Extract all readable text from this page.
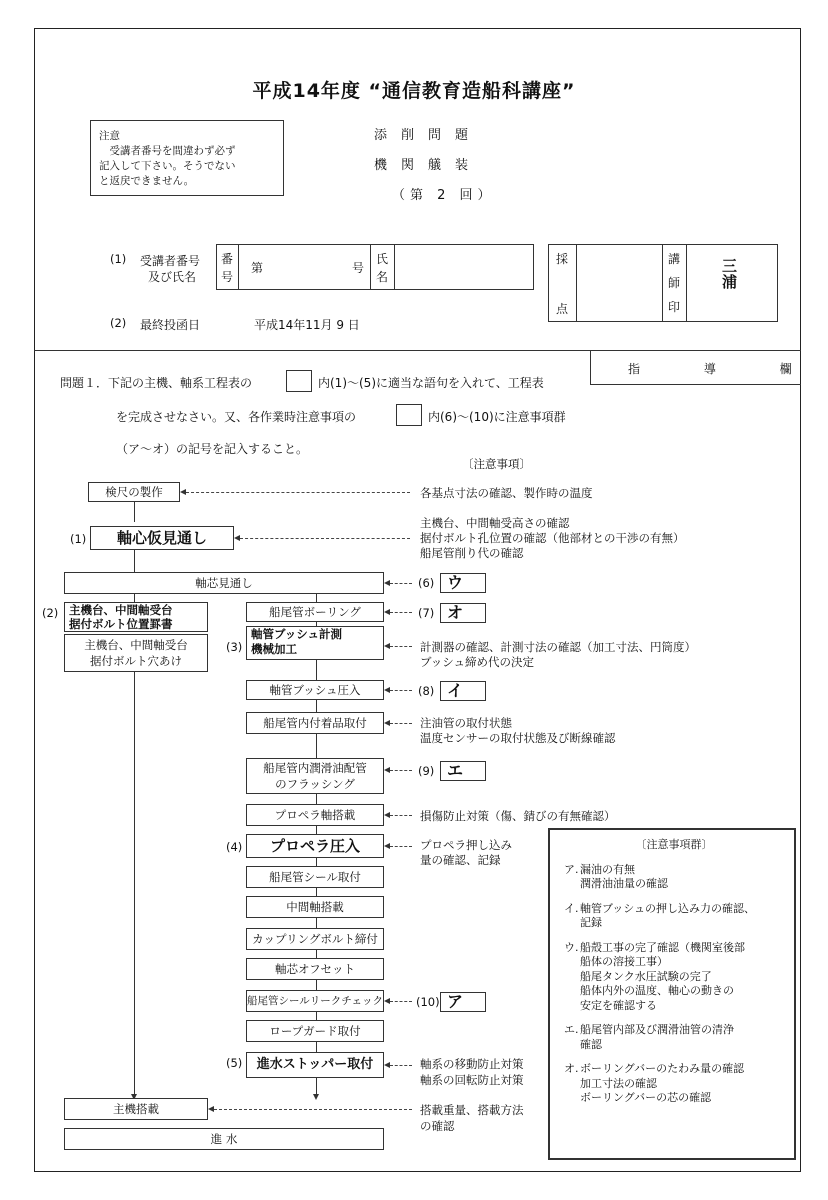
平成14年度 “通信教育造船科講座”
注意
受講者番号を間違わず必ず
記入して下さい。そうでない
と返戻できません。
添削問題
機関艤装
（第 2 回）
(1) 受講者番号
及び氏名
番
号
第	号
氏
名
採
点
講
師
印
三浦
(2) 最終投函日	平成14年11月 9 日
指 導 欄
問題１．下記の主機、軸系工程表の	内(1)〜(5)に適当な語句を入れて、工程表
を完成させなさい。又、各作業時注意事項の	内(6)〜(10)に注意事項群
（ア〜オ）の記号を記入すること。
〔注意事項〕
検尺の製作
(1)	軸心仮見通し
軸芯見通し
(2) 主機台、中間軸受台
据付ボルト位置罫書
主機台、中間軸受台
据付ボルト穴あけ
船尾管ボーリング
(3)
軸管ブッシュ計測
機械加工
軸管ブッシュ圧入
船尾管内付着品取付
船尾管内潤滑油配管
のフラッシング
プロペラ軸搭載
(4)	プロペラ圧入
船尾管シール取付
中間軸搭載
カップリングボルト締付
軸芯オフセット
船尾管シールリークチェック
ロープガード取付
(5)	進水ストッパー取付
主機搭載
進 水
(6) ウ
(7) オ
(8) イ
(9) エ
(10) ア
各基点寸法の確認、製作時の温度
主機台、中間軸受高さの確認
据付ボルト孔位置の確認（他部材との干渉の有無）
船尾管削り代の確認
計測器の確認、計測寸法の確認（加工寸法、円筒度）
ブッシュ締め代の決定
注油管の取付状態
温度センサーの取付状態及び断線確認
損傷防止対策（傷、錆びの有無確認）
プロペラ押し込み
量の確認、記録
軸系の移動防止対策
軸系の回転防止対策
搭載重量、搭載方法
の確認
〔注意事項群〕
ア. 漏油の有無
潤滑油油量の確認
イ. 軸管ブッシュの押し込み力の確認、
記録
ウ. 船殻工事の完了確認（機関室後部
船体の溶接工事）
船尾タンク水圧試験の完了
船体内外の温度、軸心の動きの
安定を確認する
エ. 船尾管内部及び潤滑油管の清浄
確認
オ. ボーリングバーのたわみ量の確認
加工寸法の確認
ボーリングバーの芯の確認
